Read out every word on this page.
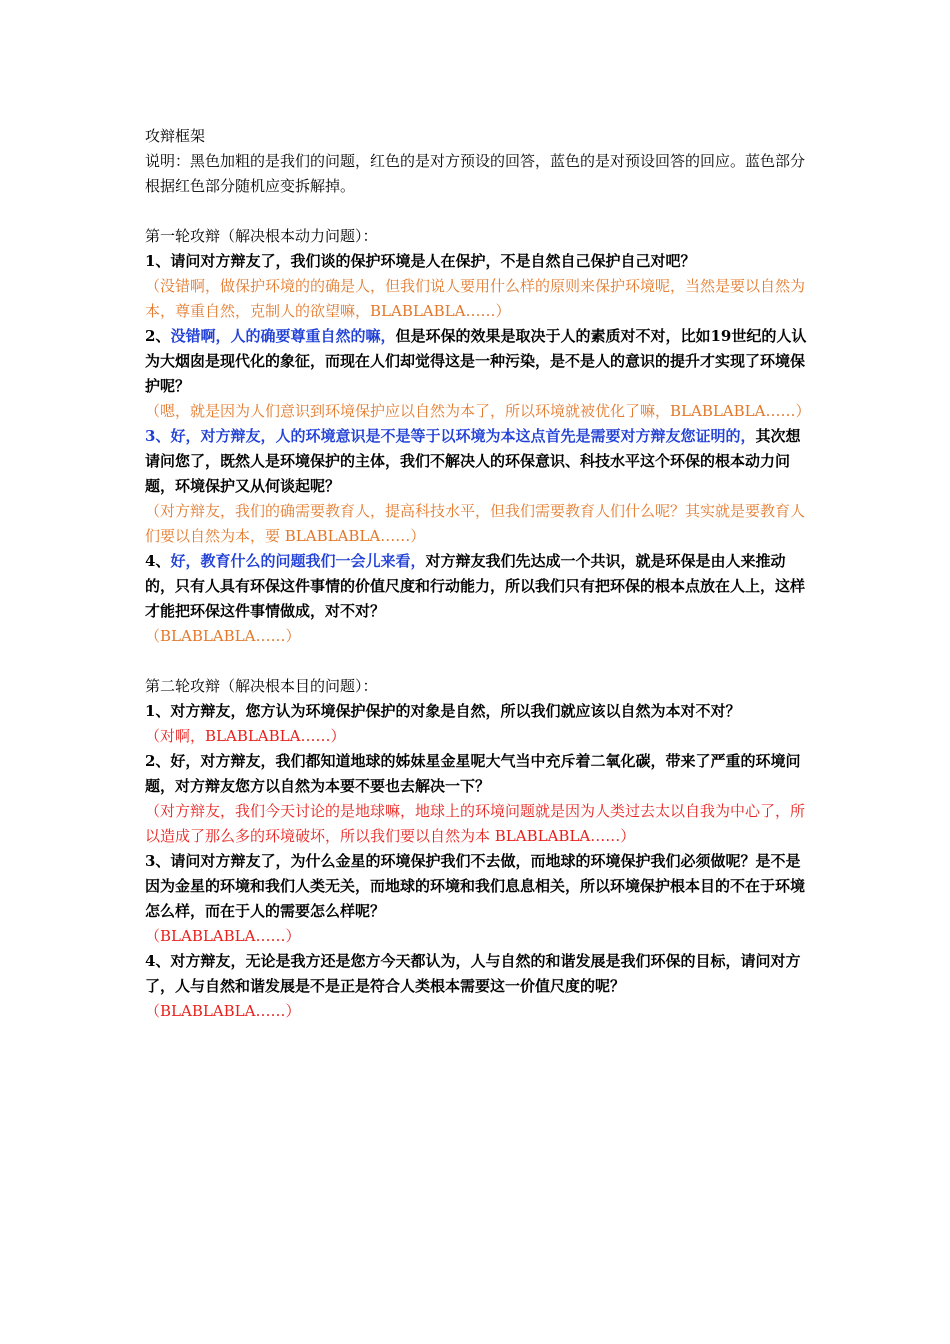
攻辩框架

说明：黑色加粗的是我们的问题，红色的是对方预设的回答，蓝色的是对预设回答的回应。蓝色部分根据红色部分随机应变拆解掉。

第一轮攻辩（解决根本动力问题）：

1、请问对方辩友了，我们谈的保护环境是人在保护，不是自然自己保护自己对吧？

（没错啊，做保护环境的的确是人，但我们说人要用什么样的原则来保护环境呢，当然是要以自然为本，尊重自然，克制人的欲望嘛，BLABLABLA……）

2、没错啊，人的确要尊重自然的嘛，但是环保的效果是取决于人的素质对不对，比如19世纪的人认为大烟囱是现代化的象征，而现在人们却觉得这是一种污染，是不是人的意识的提升才实现了环境保护呢？

（嗯，就是因为人们意识到环境保护应以自然为本了，所以环境就被优化了嘛，BLABLABLA……）

3、好，对方辩友，人的环境意识是不是等于以环境为本这点首先是需要对方辩友您证明的，其次想请问您了，既然人是环境保护的主体，我们不解决人的环保意识、科技水平这个环保的根本动力问题，环境保护又从何谈起呢？

（对方辩友，我们的确需要教育人，提高科技水平，但我们需要教育人们什么呢？其实就是要教育人们要以自然为本，要 BLABLABLA……）

4、好，教育什么的问题我们一会儿来看，对方辩友我们先达成一个共识，就是环保是由人来推动的，只有人具有环保这件事情的价值尺度和行动能力，所以我们只有把环保的根本点放在人上，这样才能把环保这件事情做成，对不对？

（BLABLABLA……）

第二轮攻辩（解决根本目的问题）：

1、对方辩友，您方认为环境保护保护的对象是自然，所以我们就应该以自然为本对不对？

（对啊，BLABLABLA……）

2、好，对方辩友，我们都知道地球的姊妹星金星呢大气当中充斥着二氧化碳，带来了严重的环境问题，对方辩友您方以自然为本要不要也去解决一下？

（对方辩友，我们今天讨论的是地球嘛，地球上的环境问题就是因为人类过去太以自我为中心了，所以造成了那么多的环境破坏，所以我们要以自然为本 BLABLABLA……）

3、请问对方辩友了，为什么金星的环境保护我们不去做，而地球的环境保护我们必须做呢？是不是因为金星的环境和我们人类无关，而地球的环境和我们息息相关，所以环境保护根本目的不在于环境怎么样，而在于人的需要怎么样呢？

（BLABLABLA……）

4、对方辩友，无论是我方还是您方今天都认为，人与自然的和谐发展是我们环保的目标，请问对方了，人与自然和谐发展是不是正是符合人类根本需要这一价值尺度的呢？

（BLABLABLA……）
